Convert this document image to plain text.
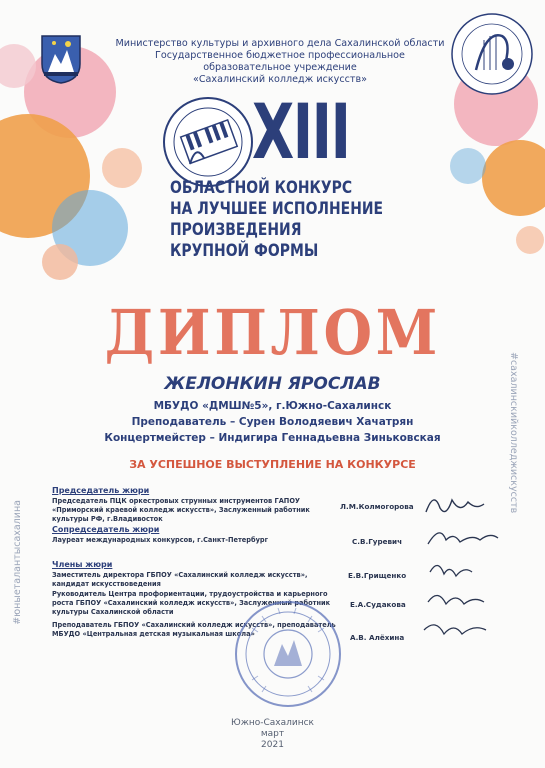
Министерство культуры и архивного дела Сахалинской области
Государственное бюджетное профессиональное
образовательное учреждение
«Сахалинский колледж искусств»
XIII
ОБЛАСТНОЙ КОНКУРС
НА ЛУЧШЕЕ ИСПОЛНЕНИЕ
ПРОИЗВЕДЕНИЯ
КРУПНОЙ ФОРМЫ
ДИПЛОМ
ЖЕЛОНКИН ЯРОСЛАВ
МБУДО «ДМШ№5», г.Южно-Сахалинск
Преподаватель – Сурен Володяевич Хачатрян
Концертмейстер – Индигира Геннадьевна Зиньковская
ЗА УСПЕШНОЕ ВЫСТУПЛЕНИЕ НА КОНКУРСЕ
Председатель жюри
Председатель ПЦК оркестровых струнных инструментов ГАПОУ
«Приморский краевой колледж искусств», Заслуженный работник
культуры РФ, г.Владивосток
Л.М.Колмогорова
Сопредседатель жюри
Лауреат международных конкурсов, г.Санкт-Петербург	С.В.Гуревич
Члены жюри
Заместитель директора ГБПОУ «Сахалинский колледж искусств»,
кандидат искусствоведения
Е.В.Грищенко
Руководитель Центра профориентации, трудоустройства и карьерного
роста ГБПОУ «Сахалинский колледж искусств», Заслуженный работник
культуры Сахалинской области
Е.А.Судакова
Преподаватель ГБПОУ «Сахалинский колледж искусств», преподаватель
МБУДО «Центральная детская музыкальная школа»	А.В. Алёхина
#сахалинскийколледжискусств
#юныеталантысахалина
Южно-Сахалинск
март
2021
